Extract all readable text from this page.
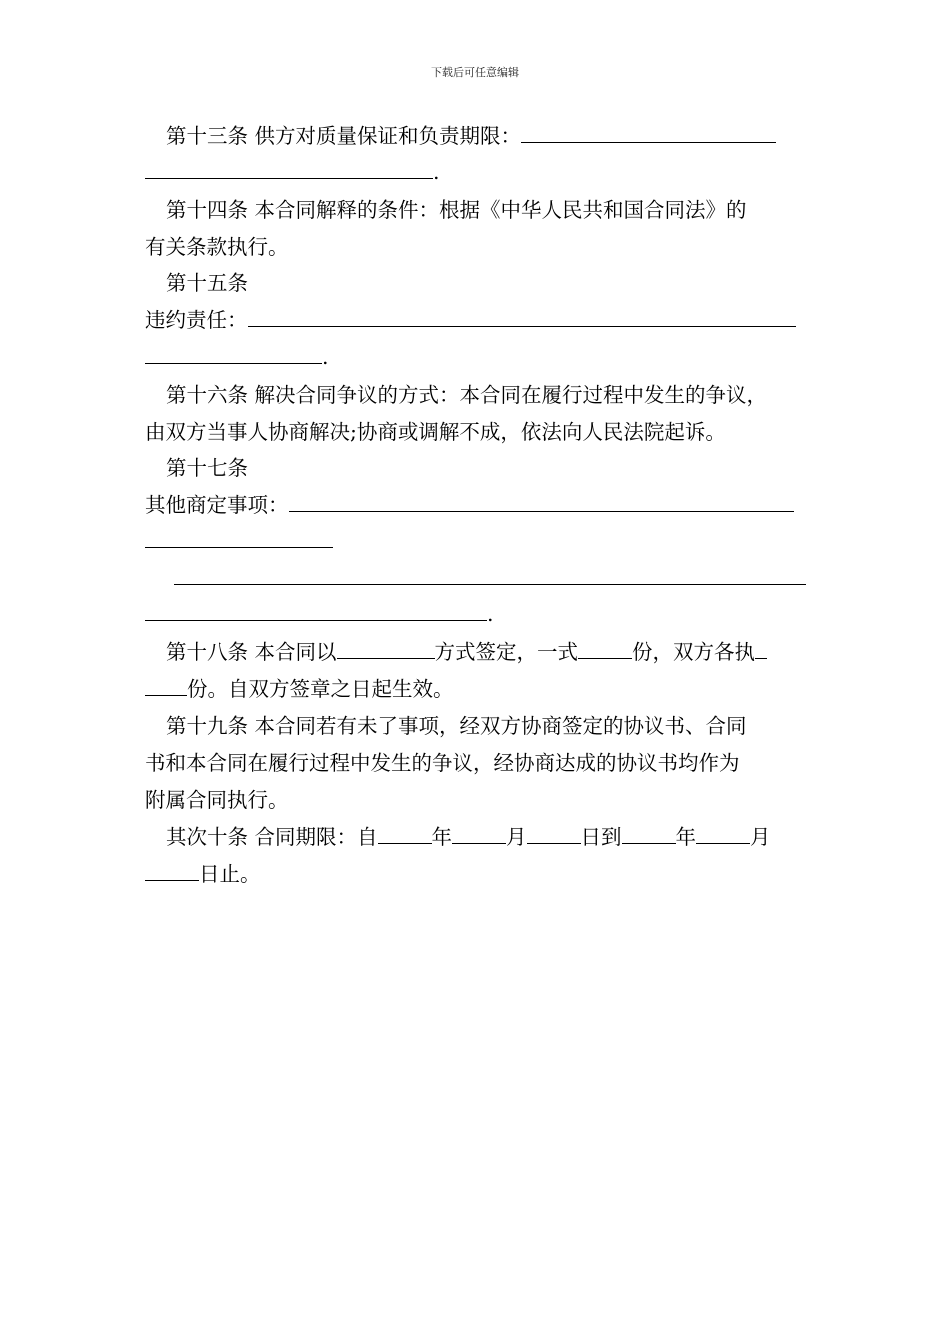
下载后可任意编辑
第十三条 供方对质量保证和负责期限：
.
第十四条 本合同解释的条件：根据《中华人民共和国合同法》的
有关条款执行。
第十五条
违约责任：
.
第十六条 解决合同争议的方式：本合同在履行过程中发生的争议，
由双方当事人协商解决;协商或调解不成，依法向人民法院起诉。
第十七条
其他商定事项：
.
第十八条 本合同以	方式签定，一式	份，双方各执
份。自双方签章之日起生效。
第十九条 本合同若有未了事项，经双方协商签定的协议书、合同
书和本合同在履行过程中发生的争议，经协商达成的协议书均作为
附属合同执行。
其次十条 合同期限：自	年	月	日到	年	月
日止。
